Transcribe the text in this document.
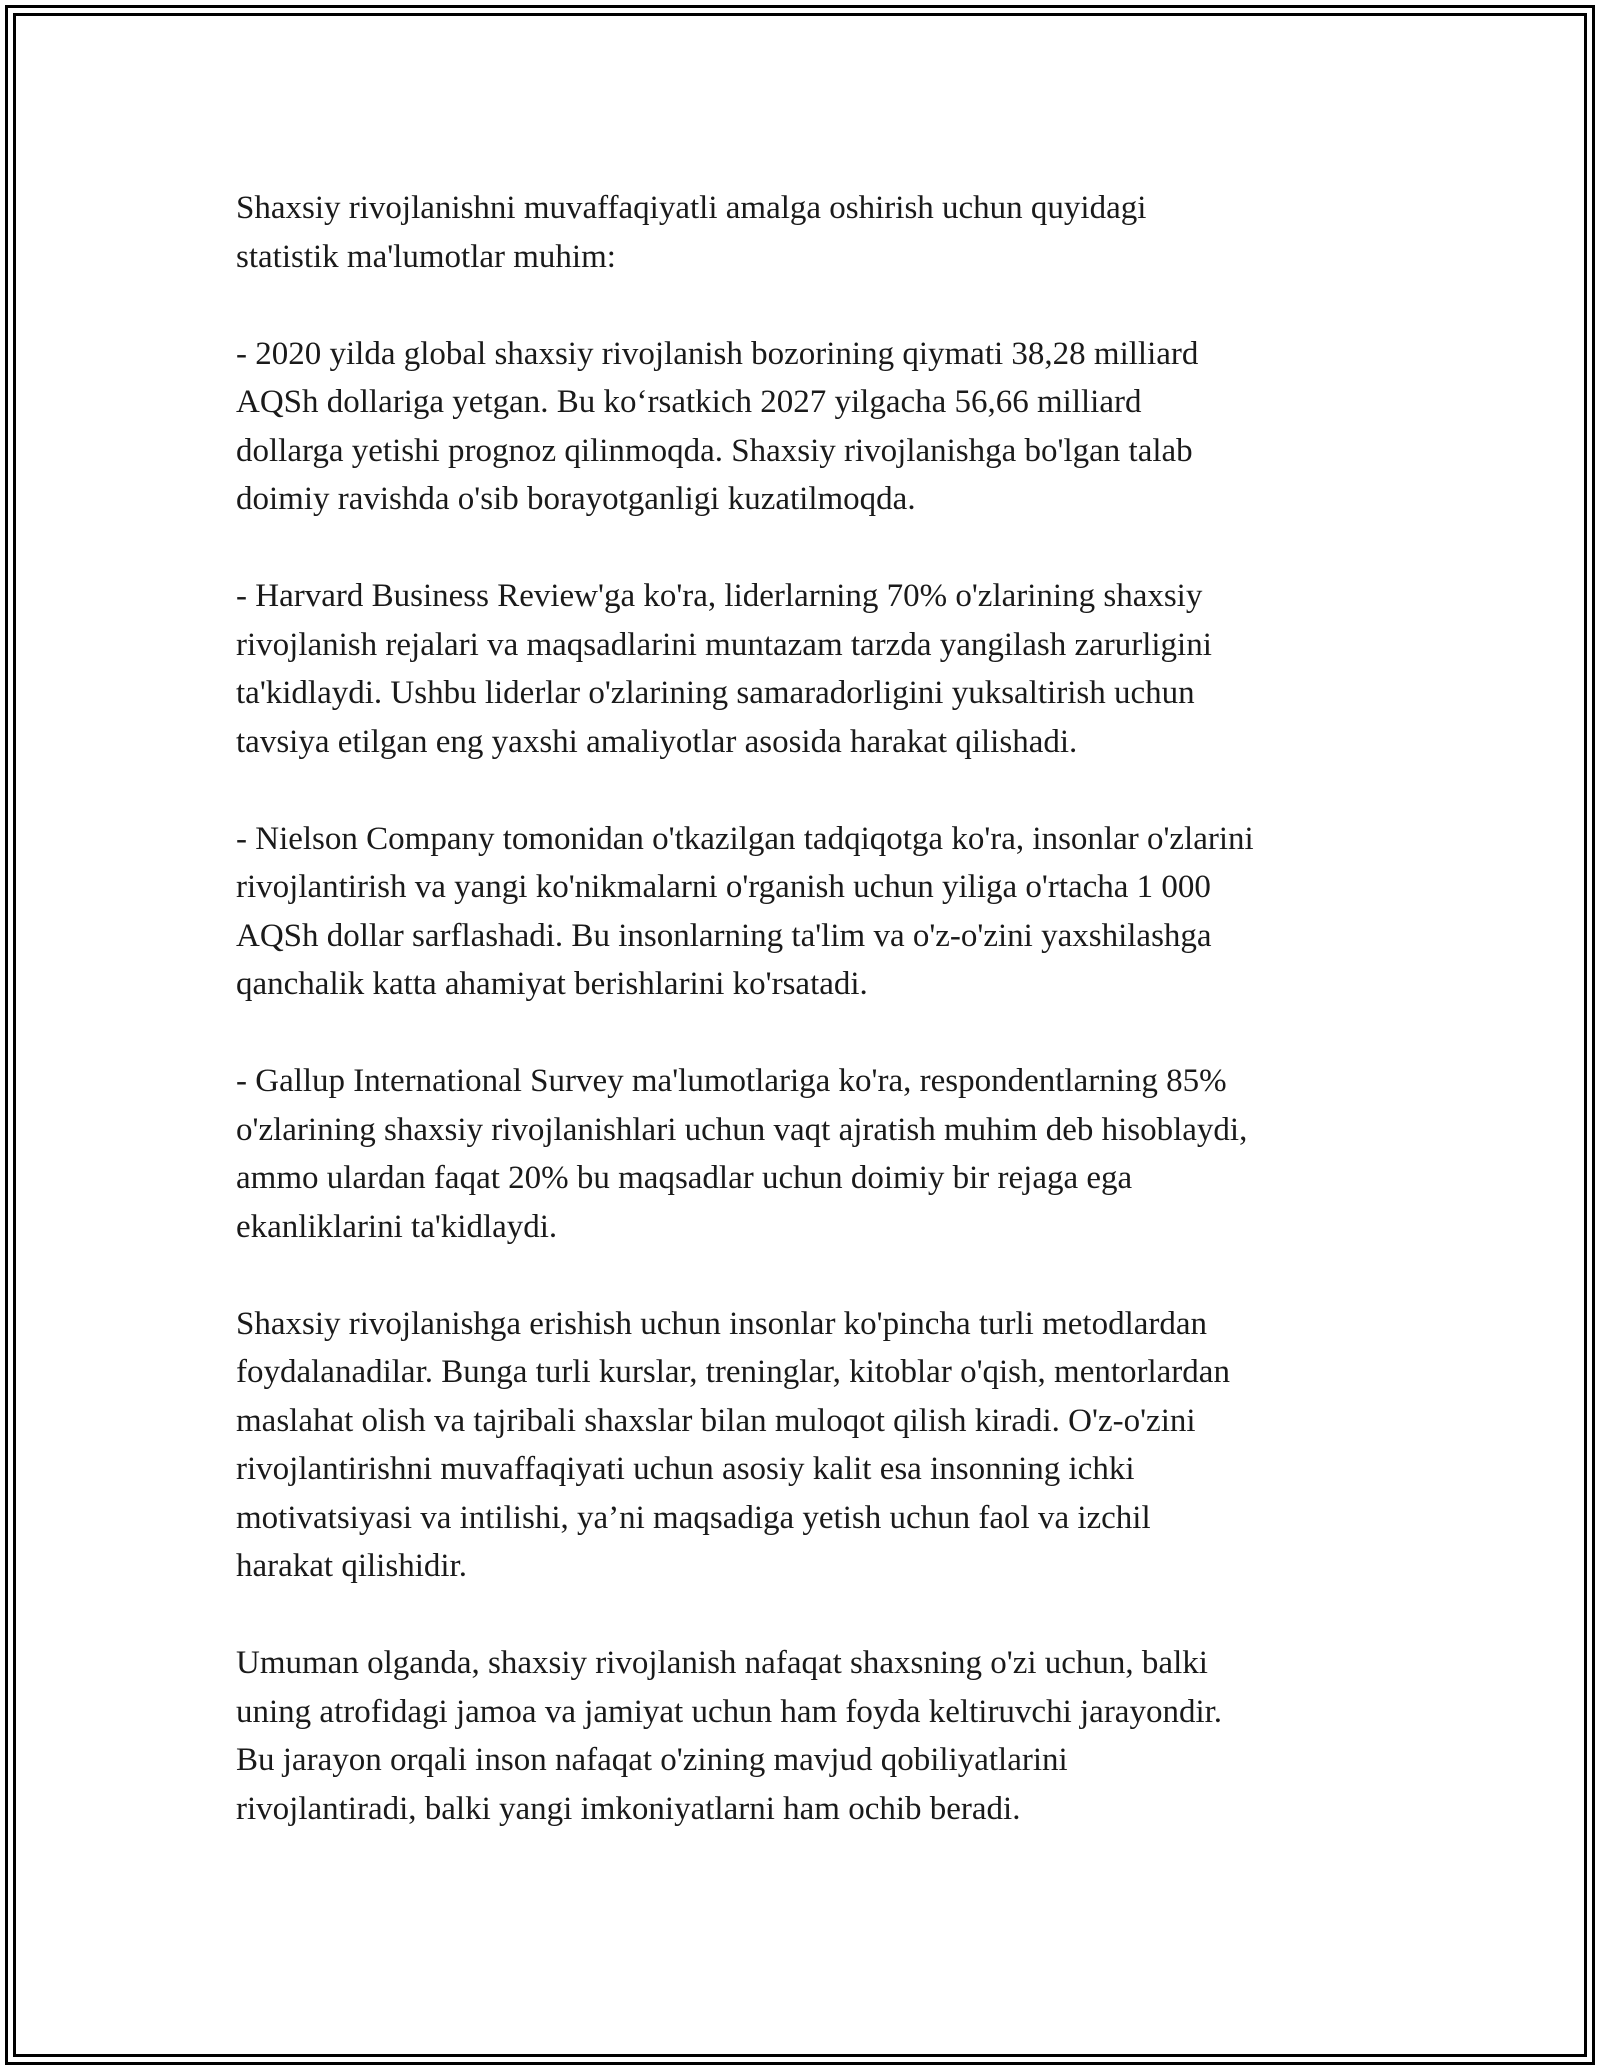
Shaxsiy rivojlanishni muvaffaqiyatli amalga oshirish uchun quyidagi
statistik ma'lumotlar muhim:

- 2020 yilda global shaxsiy rivojlanish bozorining qiymati 38,28 milliard
AQSh dollariga yetgan. Bu ko‘rsatkich 2027 yilgacha 56,66 milliard
dollarga yetishi prognoz qilinmoqda. Shaxsiy rivojlanishga bo'lgan talab
doimiy ravishda o'sib borayotganligi kuzatilmoqda.

- Harvard Business Review'ga ko'ra, liderlarning 70% o'zlarining shaxsiy
rivojlanish rejalari va maqsadlarini muntazam tarzda yangilash zarurligini
ta'kidlaydi. Ushbu liderlar o'zlarining samaradorligini yuksaltirish uchun
tavsiya etilgan eng yaxshi amaliyotlar asosida harakat qilishadi.

- Nielson Company tomonidan o'tkazilgan tadqiqotga ko'ra, insonlar o'zlarini
rivojlantirish va yangi ko'nikmalarni o'rganish uchun yiliga o'rtacha 1 000
AQSh dollar sarflashadi. Bu insonlarning ta'lim va o'z-o'zini yaxshilashga
qanchalik katta ahamiyat berishlarini ko'rsatadi.

- Gallup International Survey ma'lumotlariga ko'ra, respondentlarning 85%
o'zlarining shaxsiy rivojlanishlari uchun vaqt ajratish muhim deb hisoblaydi,
ammo ulardan faqat 20% bu maqsadlar uchun doimiy bir rejaga ega
ekanliklarini ta'kidlaydi.

Shaxsiy rivojlanishga erishish uchun insonlar ko'pincha turli metodlardan
foydalanadilar. Bunga turli kurslar, treninglar, kitoblar o'qish, mentorlardan
maslahat olish va tajribali shaxslar bilan muloqot qilish kiradi. O'z-o'zini
rivojlantirishni muvaffaqiyati uchun asosiy kalit esa insonning ichki
motivatsiyasi va intilishi, ya’ni maqsadiga yetish uchun faol va izchil
harakat qilishidir.

Umuman olganda, shaxsiy rivojlanish nafaqat shaxsning o'zi uchun, balki
uning atrofidagi jamoa va jamiyat uchun ham foyda keltiruvchi jarayondir.
Bu jarayon orqali inson nafaqat o'zining mavjud qobiliyatlarini
rivojlantiradi, balki yangi imkoniyatlarni ham ochib beradi.
